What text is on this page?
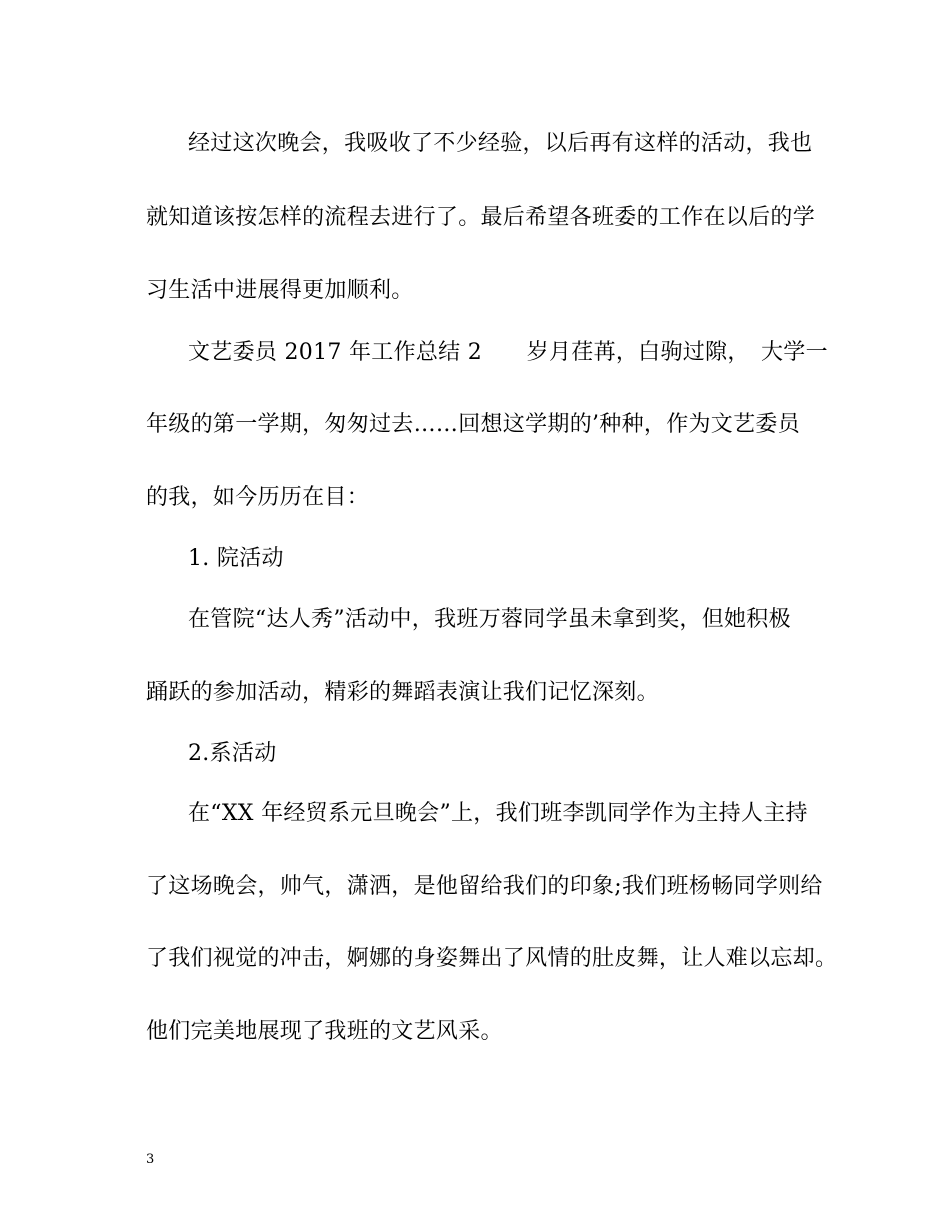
经过这次晚会，我吸收了不少经验，以后再有这样的活动，我也
就知道该按怎样的流程去进行了。最后希望各班委的工作在以后的学
习生活中进展得更加顺利。
文艺委员 2017 年工作总结 2　　岁月荏苒，白驹过隙，　大学一
年级的第一学期，匆匆过去……回想这学期的’种种，作为文艺委员
的我，如今历历在目：
1. 院活动
在管院“达人秀”活动中，我班万蓉同学虽未拿到奖，但她积极
踊跃的参加活动，精彩的舞蹈表演让我们记忆深刻。
2.系活动
在“XX 年经贸系元旦晚会”上，我们班李凯同学作为主持人主持
了这场晚会，帅气，潇洒，是他留给我们的印象;我们班杨畅同学则给
了我们视觉的冲击，婀娜的身姿舞出了风情的肚皮舞，让人难以忘却。
他们完美地展现了我班的文艺风采。
3
